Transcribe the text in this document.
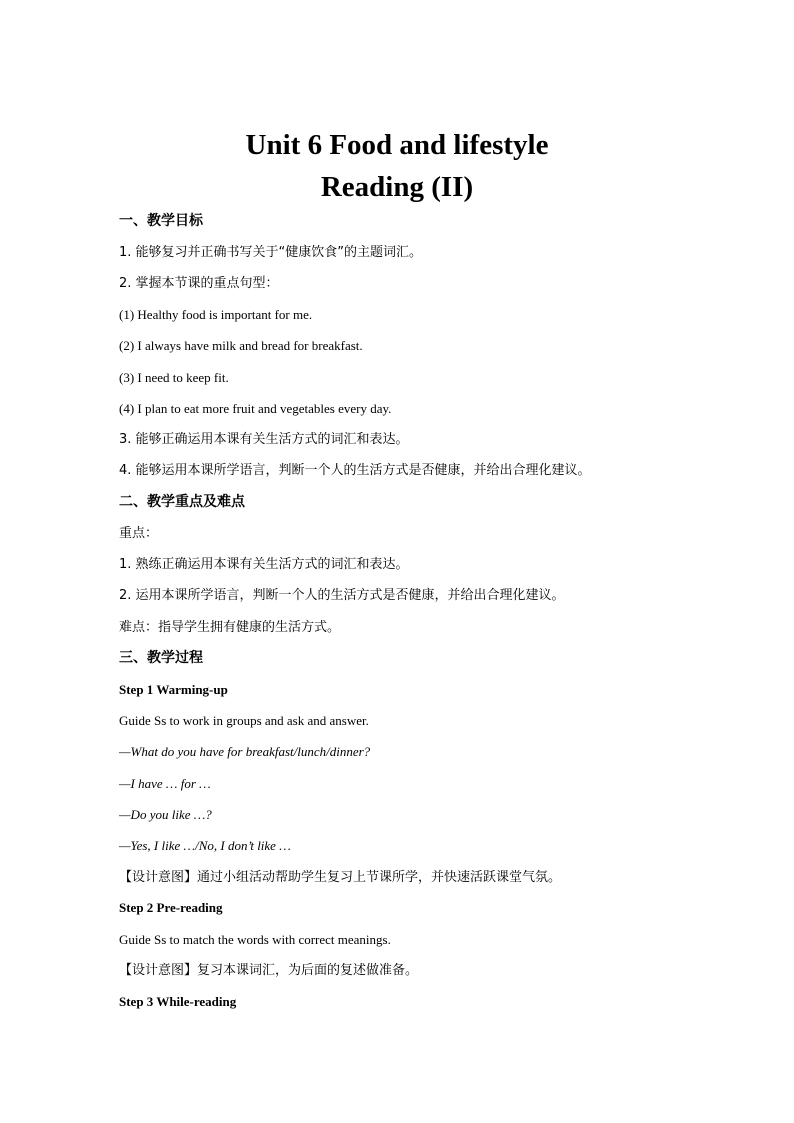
Unit 6 Food and lifestyle
Reading (II)
一、教学目标
1. 能够复习并正确书写关于“健康饮食”的主题词汇。
2. 掌握本节课的重点句型：
(1) Healthy food is important for me.
(2) I always have milk and bread for breakfast.
(3) I need to keep fit.
(4) I plan to eat more fruit and vegetables every day.
3. 能够正确运用本课有关生活方式的词汇和表达。
4. 能够运用本课所学语言，判断一个人的生活方式是否健康，并给出合理化建议。
二、教学重点及难点
重点：
1. 熟练正确运用本课有关生活方式的词汇和表达。
2. 运用本课所学语言，判断一个人的生活方式是否健康，并给出合理化建议。
难点：指导学生拥有健康的生活方式。
三、教学过程
Step 1 Warming-up
Guide Ss to work in groups and ask and answer.
—What do you have for breakfast/lunch/dinner?
—I have … for …
—Do you like …?
—Yes, I like …/No, I don’t like …
【设计意图】通过小组活动帮助学生复习上节课所学，并快速活跃课堂气氛。
Step 2 Pre-reading
Guide Ss to match the words with correct meanings.
【设计意图】复习本课词汇，为后面的复述做准备。
Step 3 While-reading
